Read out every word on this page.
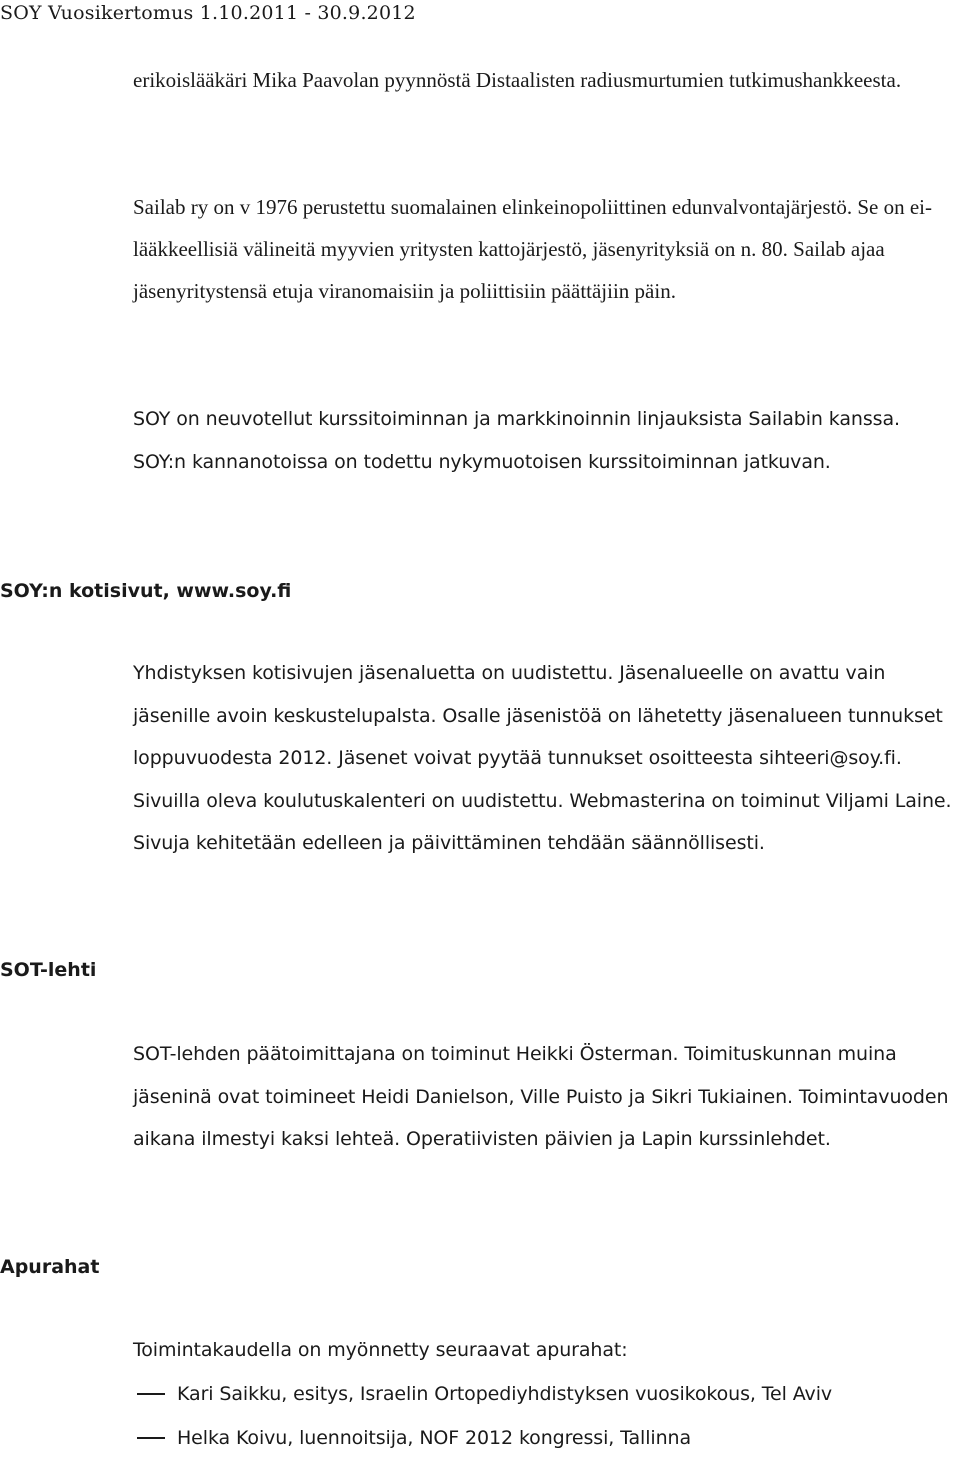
SOY Vuosikertomus 1.10.2011 - 30.9.2012

erikoislääkäri Mika Paavolan pyynnöstä Distaalisten radiusmurtumien tutkimushankkeesta.

Sailab ry on v 1976 perustettu suomalainen elinkeinopoliittinen edunvalvontajärjestö. Se on ei-lääkkeellisiä välineitä myyvien yritysten kattojärjestö, jäsenyrityksiä on n. 80. Sailab ajaa jäsenyritystensä etuja viranomaisiin ja poliittisiin päättäjiin päin.

SOY on neuvotellut kurssitoiminnan ja markkinoinnin linjauksista Sailabin kanssa. SOY:n kannanotoissa on todettu nykymuotoisen kurssitoiminnan jatkuvan.

SOY:n kotisivut, www.soy.fi

Yhdistyksen kotisivujen jäsenaluetta on uudistettu. Jäsenalueelle on avattu vain jäsenille avoin keskustelupalsta. Osalle jäsenistöä on lähetetty jäsenalueen tunnukset loppuvuodesta 2012. Jäsenet voivat pyytää tunnukset osoitteesta sihteeri@soy.fi. Sivuilla oleva koulutuskalenteri on uudistettu. Webmasterina on toiminut Viljami Laine. Sivuja kehitetään edelleen ja päivittäminen tehdään säännöllisesti.

SOT-lehti

SOT-lehden päätoimittajana on toiminut Heikki Österman. Toimituskunnan muina jäseninä ovat toimineet Heidi Danielson, Ville Puisto ja Sikri Tukiainen. Toimintavuoden aikana ilmestyi kaksi lehteä. Operatiivisten päivien ja Lapin kurssinlehdet.

Apurahat

Toimintakaudella on myönnetty seuraavat apurahat:

Kari Saikku, esitys, Israelin Ortopediyhdistyksen vuosikokous, Tel Aviv
Helka Koivu, luennoitsija, NOF 2012 kongressi, Tallinna
